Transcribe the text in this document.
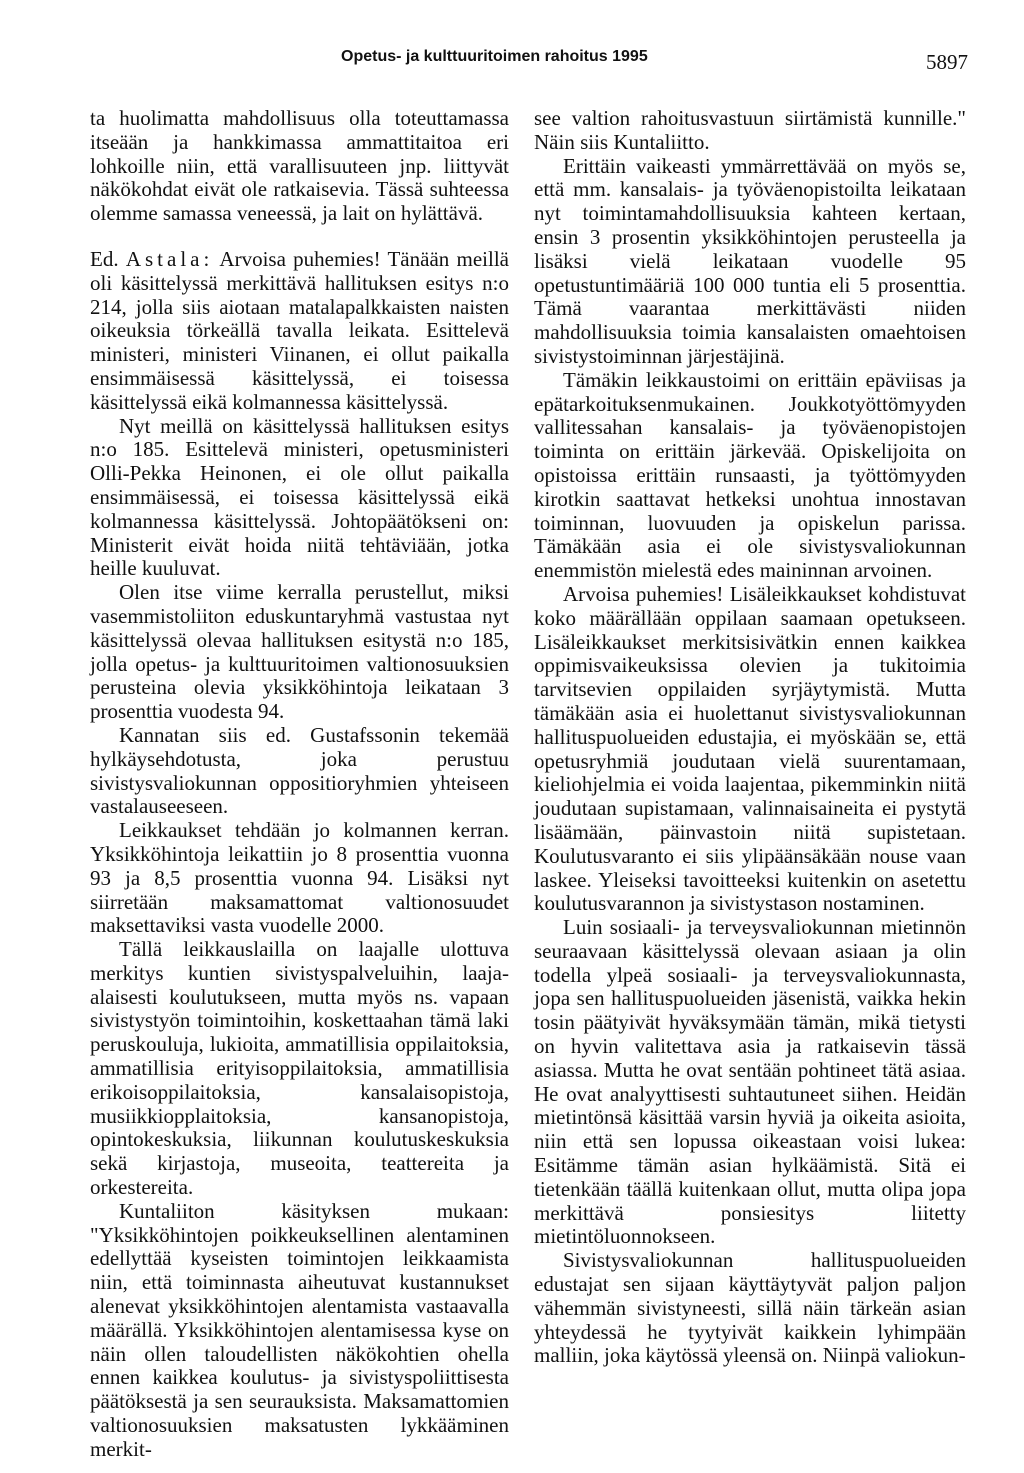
Opetus- ja kulttuuritoimen rahoitus 1995	5897

ta huolimatta mahdollisuus olla toteuttamassa itseään ja hankkimassa ammattitaitoa eri lohkoille niin, että varallisuuteen jnp. liittyvät näkökohdat eivät ole ratkaisevia. Tässä suhteessa olemme samassa veneessä, ja lait on hylättävä.

Ed. Astala: Arvoisa puhemies! Tänään meillä oli käsittelyssä merkittävä hallituksen esitys n:o 214, jolla siis aiotaan matalapalkkaisten naisten oikeuksia törkeällä tavalla leikata. Esittelevä ministeri, ministeri Viinanen, ei ollut paikalla ensimmäisessä käsittelyssä, ei toisessa käsittelyssä eikä kolmannessa käsittelyssä.

Nyt meillä on käsittelyssä hallituksen esitys n:o 185. Esittelevä ministeri, opetusministeri Olli-Pekka Heinonen, ei ole ollut paikalla ensimmäisessä, ei toisessa käsittelyssä eikä kolmannessa käsittelyssä. Johtopäätökseni on: Ministerit eivät hoida niitä tehtäviään, jotka heille kuuluvat.

Olen itse viime kerralla perustellut, miksi vasemmistoliiton eduskuntaryhmä vastustaa nyt käsittelyssä olevaa hallituksen esitystä n:o 185, jolla opetus- ja kulttuuritoimen valtionosuuksien perusteina olevia yksikköhintoja leikataan 3 prosenttia vuodesta 94.

Kannatan siis ed. Gustafssonin tekemää hylkäysehdotusta, joka perustuu sivistysvaliokunnan oppositioryhmien yhteiseen vastalauseeseen.

Leikkaukset tehdään jo kolmannen kerran. Yksikköhintoja leikattiin jo 8 prosenttia vuonna 93 ja 8,5 prosenttia vuonna 94. Lisäksi nyt siirretään maksamattomat valtionosuudet maksettaviksi vasta vuodelle 2000.

Tällä leikkauslailla on laajalle ulottuva merkitys kuntien sivistyspalveluihin, laaja-alaisesti koulutukseen, mutta myös ns. vapaan sivistystyön toimintoihin, koskettaahan tämä laki peruskouluja, lukioita, ammatillisia oppilaitoksia, ammatillisia erityisoppilaitoksia, ammatillisia erikoisoppilaitoksia, kansalaisopistoja, musiikkiopplaitoksia, kansanopistoja, opintokeskuksia, liikunnan koulutuskeskuksia sekä kirjastoja, museoita, teattereita ja orkestereita.

Kuntaliiton käsityksen mukaan: "Yksikköhintojen poikkeuksellinen alentaminen edellyttää kyseisten toimintojen leikkaamista niin, että toiminnasta aiheutuvat kustannukset alenevat yksikköhintojen alentamista vastaavalla määrällä. Yksikköhintojen alentamisessa kyse on näin ollen taloudellisten näkökohtien ohella ennen kaikkea koulutus- ja sivistyspoliittisesta päätöksestä ja sen seurauksista. Maksamattomien valtionosuuksien maksatusten lykkääminen merkit-

see valtion rahoitusvastuun siirtämistä kunnille." Näin siis Kuntaliitto.

Erittäin vaikeasti ymmärrettävää on myös se, että mm. kansalais- ja työväenopistoilta leikataan nyt toimintamahdollisuuksia kahteen kertaan, ensin 3 prosentin yksikköhintojen perusteella ja lisäksi vielä leikataan vuodelle 95 opetustuntimääriä 100 000 tuntia eli 5 prosenttia. Tämä vaarantaa merkittävästi niiden mahdollisuuksia toimia kansalaisten omaehtoisen sivistystoiminnan järjestäjinä.

Tämäkin leikkaustoimi on erittäin epäviisas ja epätarkoituksenmukainen. Joukkotyöttömyyden vallitessahan kansalais- ja työväenopistojen toiminta on erittäin järkevää. Opiskelijoita on opistoissa erittäin runsaasti, ja työttömyyden kirotkin saattavat hetkeksi unohtua innostavan toiminnan, luovuuden ja opiskelun parissa. Tämäkään asia ei ole sivistysvaliokunnan enemmistön mielestä edes maininnan arvoinen.

Arvoisa puhemies! Lisäleikkaukset kohdistuvat koko määrällään oppilaan saamaan opetukseen. Lisäleikkaukset merkitsisivätkin ennen kaikkea oppimisvaikeuksissa olevien ja tukitoimia tarvitsevien oppilaiden syrjäytymistä. Mutta tämäkään asia ei huolettanut sivistysvaliokunnan hallituspuolueiden edustajia, ei myöskään se, että opetusryhmiä joudutaan vielä suurentamaan, kieliohjelmia ei voida laajentaa, pikemminkin niitä joudutaan supistamaan, valinnaisaineita ei pystytä lisäämään, päinvastoin niitä supistetaan. Koulutusvaranto ei siis ylipäänsäkään nouse vaan laskee. Yleiseksi tavoitteeksi kuitenkin on asetettu koulutusvarannon ja sivistystason nostaminen.

Luin sosiaali- ja terveysvaliokunnan mietinnön seuraavaan käsittelyssä olevaan asiaan ja olin todella ylpeä sosiaali- ja terveysvaliokunnasta, jopa sen hallituspuolueiden jäsenistä, vaikka hekin tosin päätyivät hyväksymään tämän, mikä tietysti on hyvin valitettava asia ja ratkaisevin tässä asiassa. Mutta he ovat sentään pohtineet tätä asiaa. He ovat analyyttisesti suhtautuneet siihen. Heidän mietintönsä käsittää varsin hyviä ja oikeita asioita, niin että sen lopussa oikeastaan voisi lukea: Esitämme tämän asian hylkäämistä. Sitä ei tietenkään täällä kuitenkaan ollut, mutta olipa jopa merkittävä ponsiesitys liitetty mietintöluonnokseen.

Sivistysvaliokunnan hallituspuolueiden edustajat sen sijaan käyttäytyvät paljon paljon vähemmän sivistyneesti, sillä näin tärkeän asian yhteydessä he tyytyivät kaikkein lyhimpään malliin, joka käytössä yleensä on. Niinpä valiokun-
